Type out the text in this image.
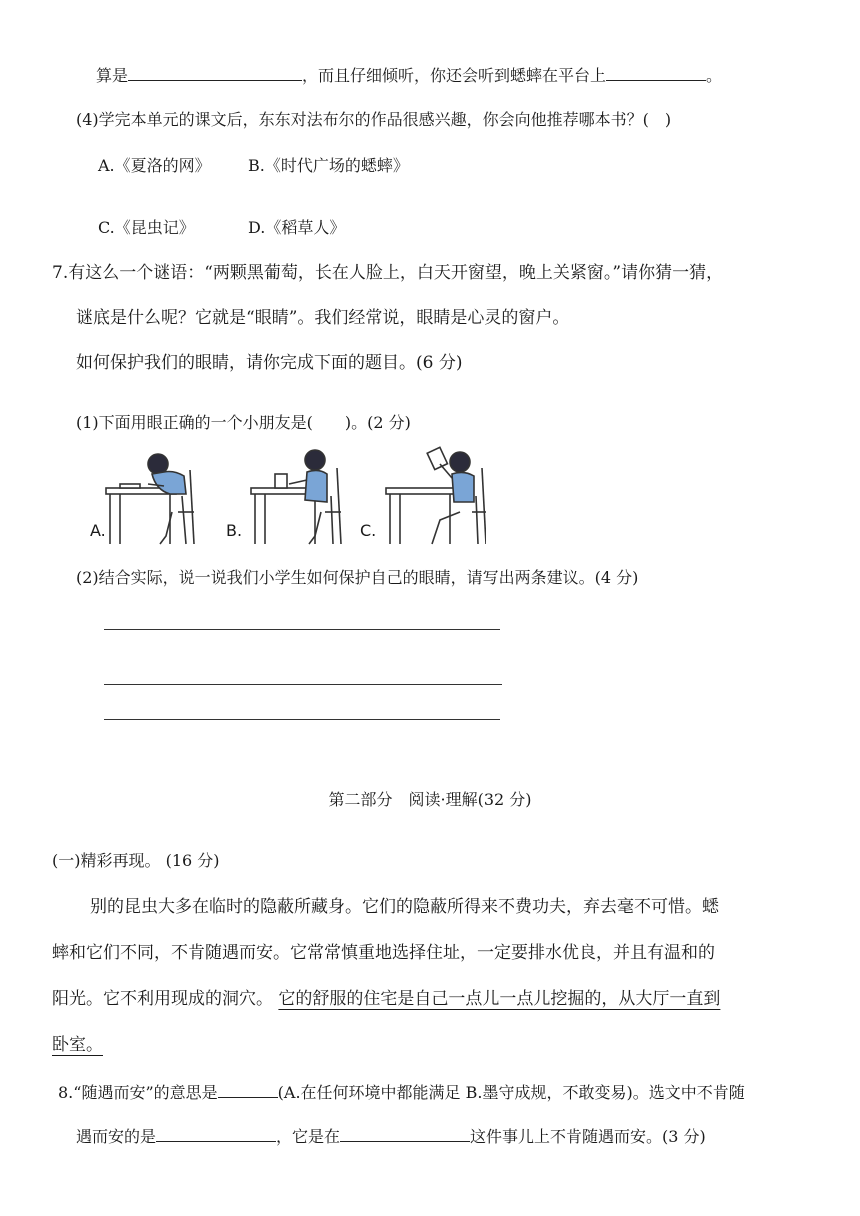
算是	，而且仔细倾听，你还会听到蟋蟀在平台上	。
(4)学完本单元的课文后，东东对法布尔的作品很感兴趣，你会向他推荐哪本书？(　)
A.《夏洛的网》 B.《时代广场的蟋蟀》
C.《昆虫记》	D.《稻草人》
7.有这么一个谜语：“两颗黑葡萄，长在人脸上，白天开窗望，晚上关紧窗。”请你猜一猜，
谜底是什么呢？它就是“眼睛”。我们经常说，眼睛是心灵的窗户。
如何保护我们的眼睛，请你完成下面的题目。(6 分)
(1)下面用眼正确的一个小朋友是(　　)。(2 分)
A.	B.	C.
(2)结合实际，说一说我们小学生如何保护自己的眼睛，请写出两条建议。(4 分)
第二部分　阅读·理解(32 分)
(一)精彩再现。 (16 分)
别的昆虫大多在临时的隐蔽所藏身。它们的隐蔽所得来不费功夫，弃去毫不可惜。蟋
蟀和它们不同，不肯随遇而安。它常常慎重地选择住址，一定要排水优良，并且有温和的
阳光。它不利用现成的洞穴。 它的舒服的住宅是自己一点儿一点儿挖掘的，从大厅一直到
卧室。
8.“随遇而安”的意思是	(A.在任何环境中都能满足 B.墨守成规，不敢变易)。选文中不肯随
遇而安的是	，它是在	这件事儿上不肯随遇而安。(3 分)
